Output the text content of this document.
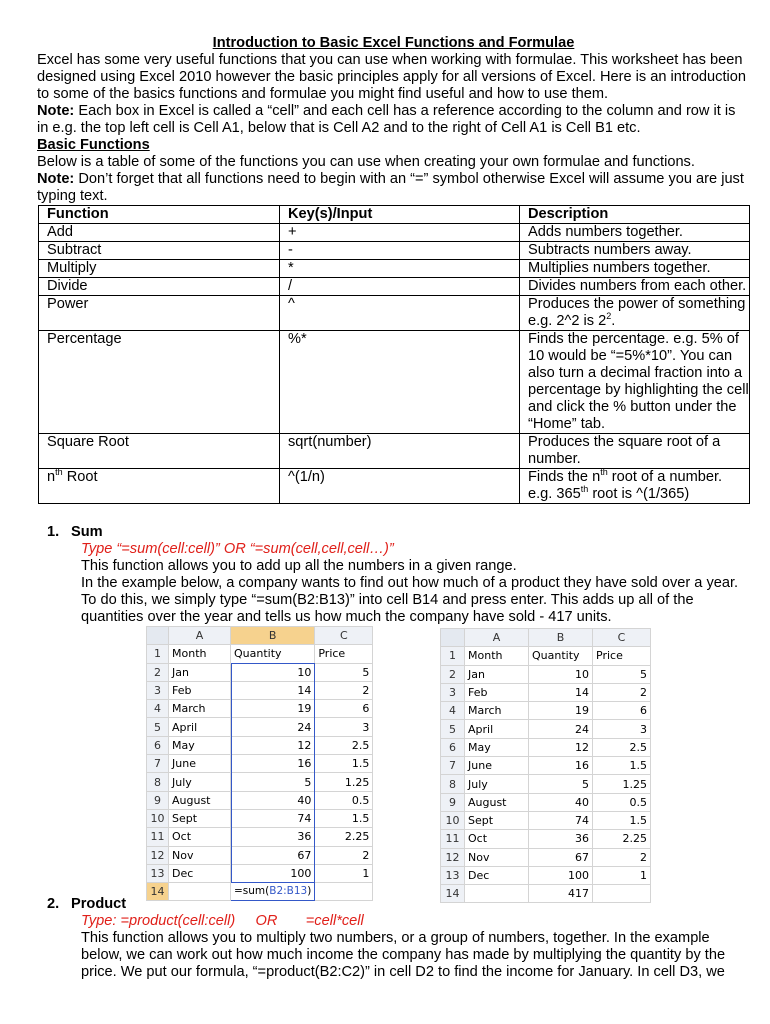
Introduction to Basic Excel Functions and Formulae

Excel has some very useful functions that you can use when working with formulae. This worksheet has been designed using Excel 2010 however the basic principles apply for all versions of Excel. Here is an introduction to some of the basics functions and formulae you might find useful and how to use them.

Note: Each box in Excel is called a “cell” and each cell has a reference according to the column and row it is in e.g. the top left cell is Cell A1, below that is Cell A2 and to the right of Cell A1 is Cell B1 etc.

Basic Functions

Below is a table of some of the functions you can use when creating your own formulae and functions.

Note: Don’t forget that all functions need to begin with an “=” symbol otherwise Excel will assume you are just typing text.

Function	Key(s)/Input	Description
Add	+	Adds numbers together.
Subtract	-	Subtracts numbers away.
Multiply	*	Multiplies numbers together.
Divide	/	Divides numbers from each other.
Power	^	Produces the power of something e.g. 2^2 is $2^2$.
Percentage	%*	Finds the percentage. e.g. 5% of 10 would be “=5%*10”. You can also turn a decimal fraction into a percentage by highlighting the cell and click the % button under the “Home” tab.
Square Root	sqrt(number)	Produces the square root of a number.
$n^{th}$ Root	^(1/n)	Finds the $n^{th}$ root of a number. e.g. 365th root is ^(1/365)
1. Sum

Type “=sum(cell:cell)” OR “=sum(cell,cell,cell…)”

This function allows you to add up all the numbers in a given range.

In the example below, a company wants to find out how much of a product they have sold over a year. To do this, we simply type “=sum(B2:B13)” into cell B14 and press enter. This adds up all of the quantities over the year and tells us how much the company have sold - 417 units.

	A	B	C
1	Month	Quantity	Price
2	Jan	10	5
3	Feb	14	2
4	March	19	6
5	April	24	3
6	May	12	2.5
7	June	16	1.5
8	July	5	1.25
9	August	40	0.5
10	Sept	74	1.5
11	Oct	36	2.25
12	Nov	67	2
13	Dec	100	1
14		=sum(B2:B13)	
	A	B	C
1	Month	Quantity	Price
2	Jan	10	5
3	Feb	14	2
4	March	19	6
5	April	24	3
6	May	12	2.5
7	June	16	1.5
8	July	5	1.25
9	August	40	0.5
10	Sept	74	1.5
11	Oct	36	2.25
12	Nov	67	2
13	Dec	100	1
14		417	
2. Product

Type: =product(cell:cell)     OR       =cell*cell

This function allows you to multiply two numbers, or a group of numbers, together. In the example below, we can work out how much income the company has made by multiplying the quantity by the price. We put our formula, “=product(B2:C2)” in cell D2 to find the income for January. In cell D3, we
